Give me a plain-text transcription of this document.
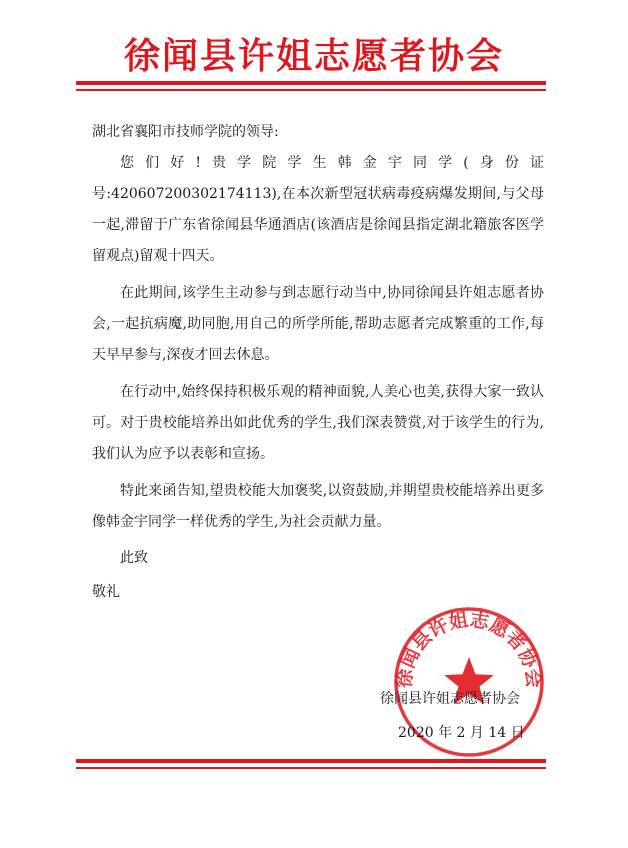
徐闻县许姐志愿者协会
湖北省襄阳市技师学院的领导:

您们好!贵学院学生韩金宇同学(身份证号:420607200302174113),在本次新型冠状病毒疫病爆发期间,与父母一起,滞留于广东省徐闻县华通酒店(该酒店是徐闻县指定湖北籍旅客医学留观点)留观十四天。

在此期间,该学生主动参与到志愿行动当中,协同徐闻县许姐志愿者协会,一起抗病魔,助同胞,用自己的所学所能,帮助志愿者完成繁重的工作,每天早早参与,深夜才回去休息。

在行动中,始终保持积极乐观的精神面貌,人美心也美,获得大家一致认可。对于贵校能培养出如此优秀的学生,我们深表赞赏,对于该学生的行为,我们认为应予以表彰和宣扬。

特此来函告知,望贵校能大加褒奖,以资鼓励,并期望贵校能培养出更多像韩金宇同学一样优秀的学生,为社会贡献力量。

此致
敬礼
徐闻县许姐志愿者协会
徐闻县许姐志愿者协会
2020 年 2 月 14 日
